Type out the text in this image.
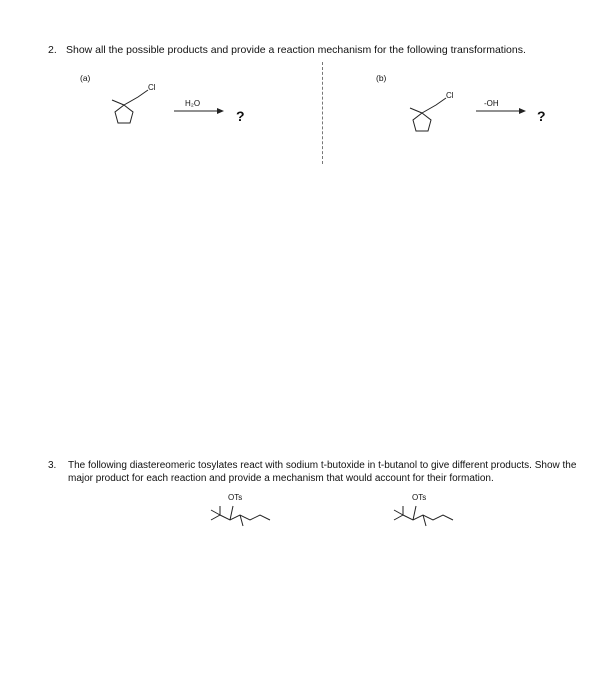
2. Show all the possible products and provide a reaction mechanism for the following transformations.
(a)
Cl
H₂O
?
(b)
Cl
-OH
?
3. The following diastereomeric tosylates react with sodium t-butoxide in t-butanol to give different products. Show the major product for each reaction and provide a mechanism that would account for their formation.
OTs	OTs
